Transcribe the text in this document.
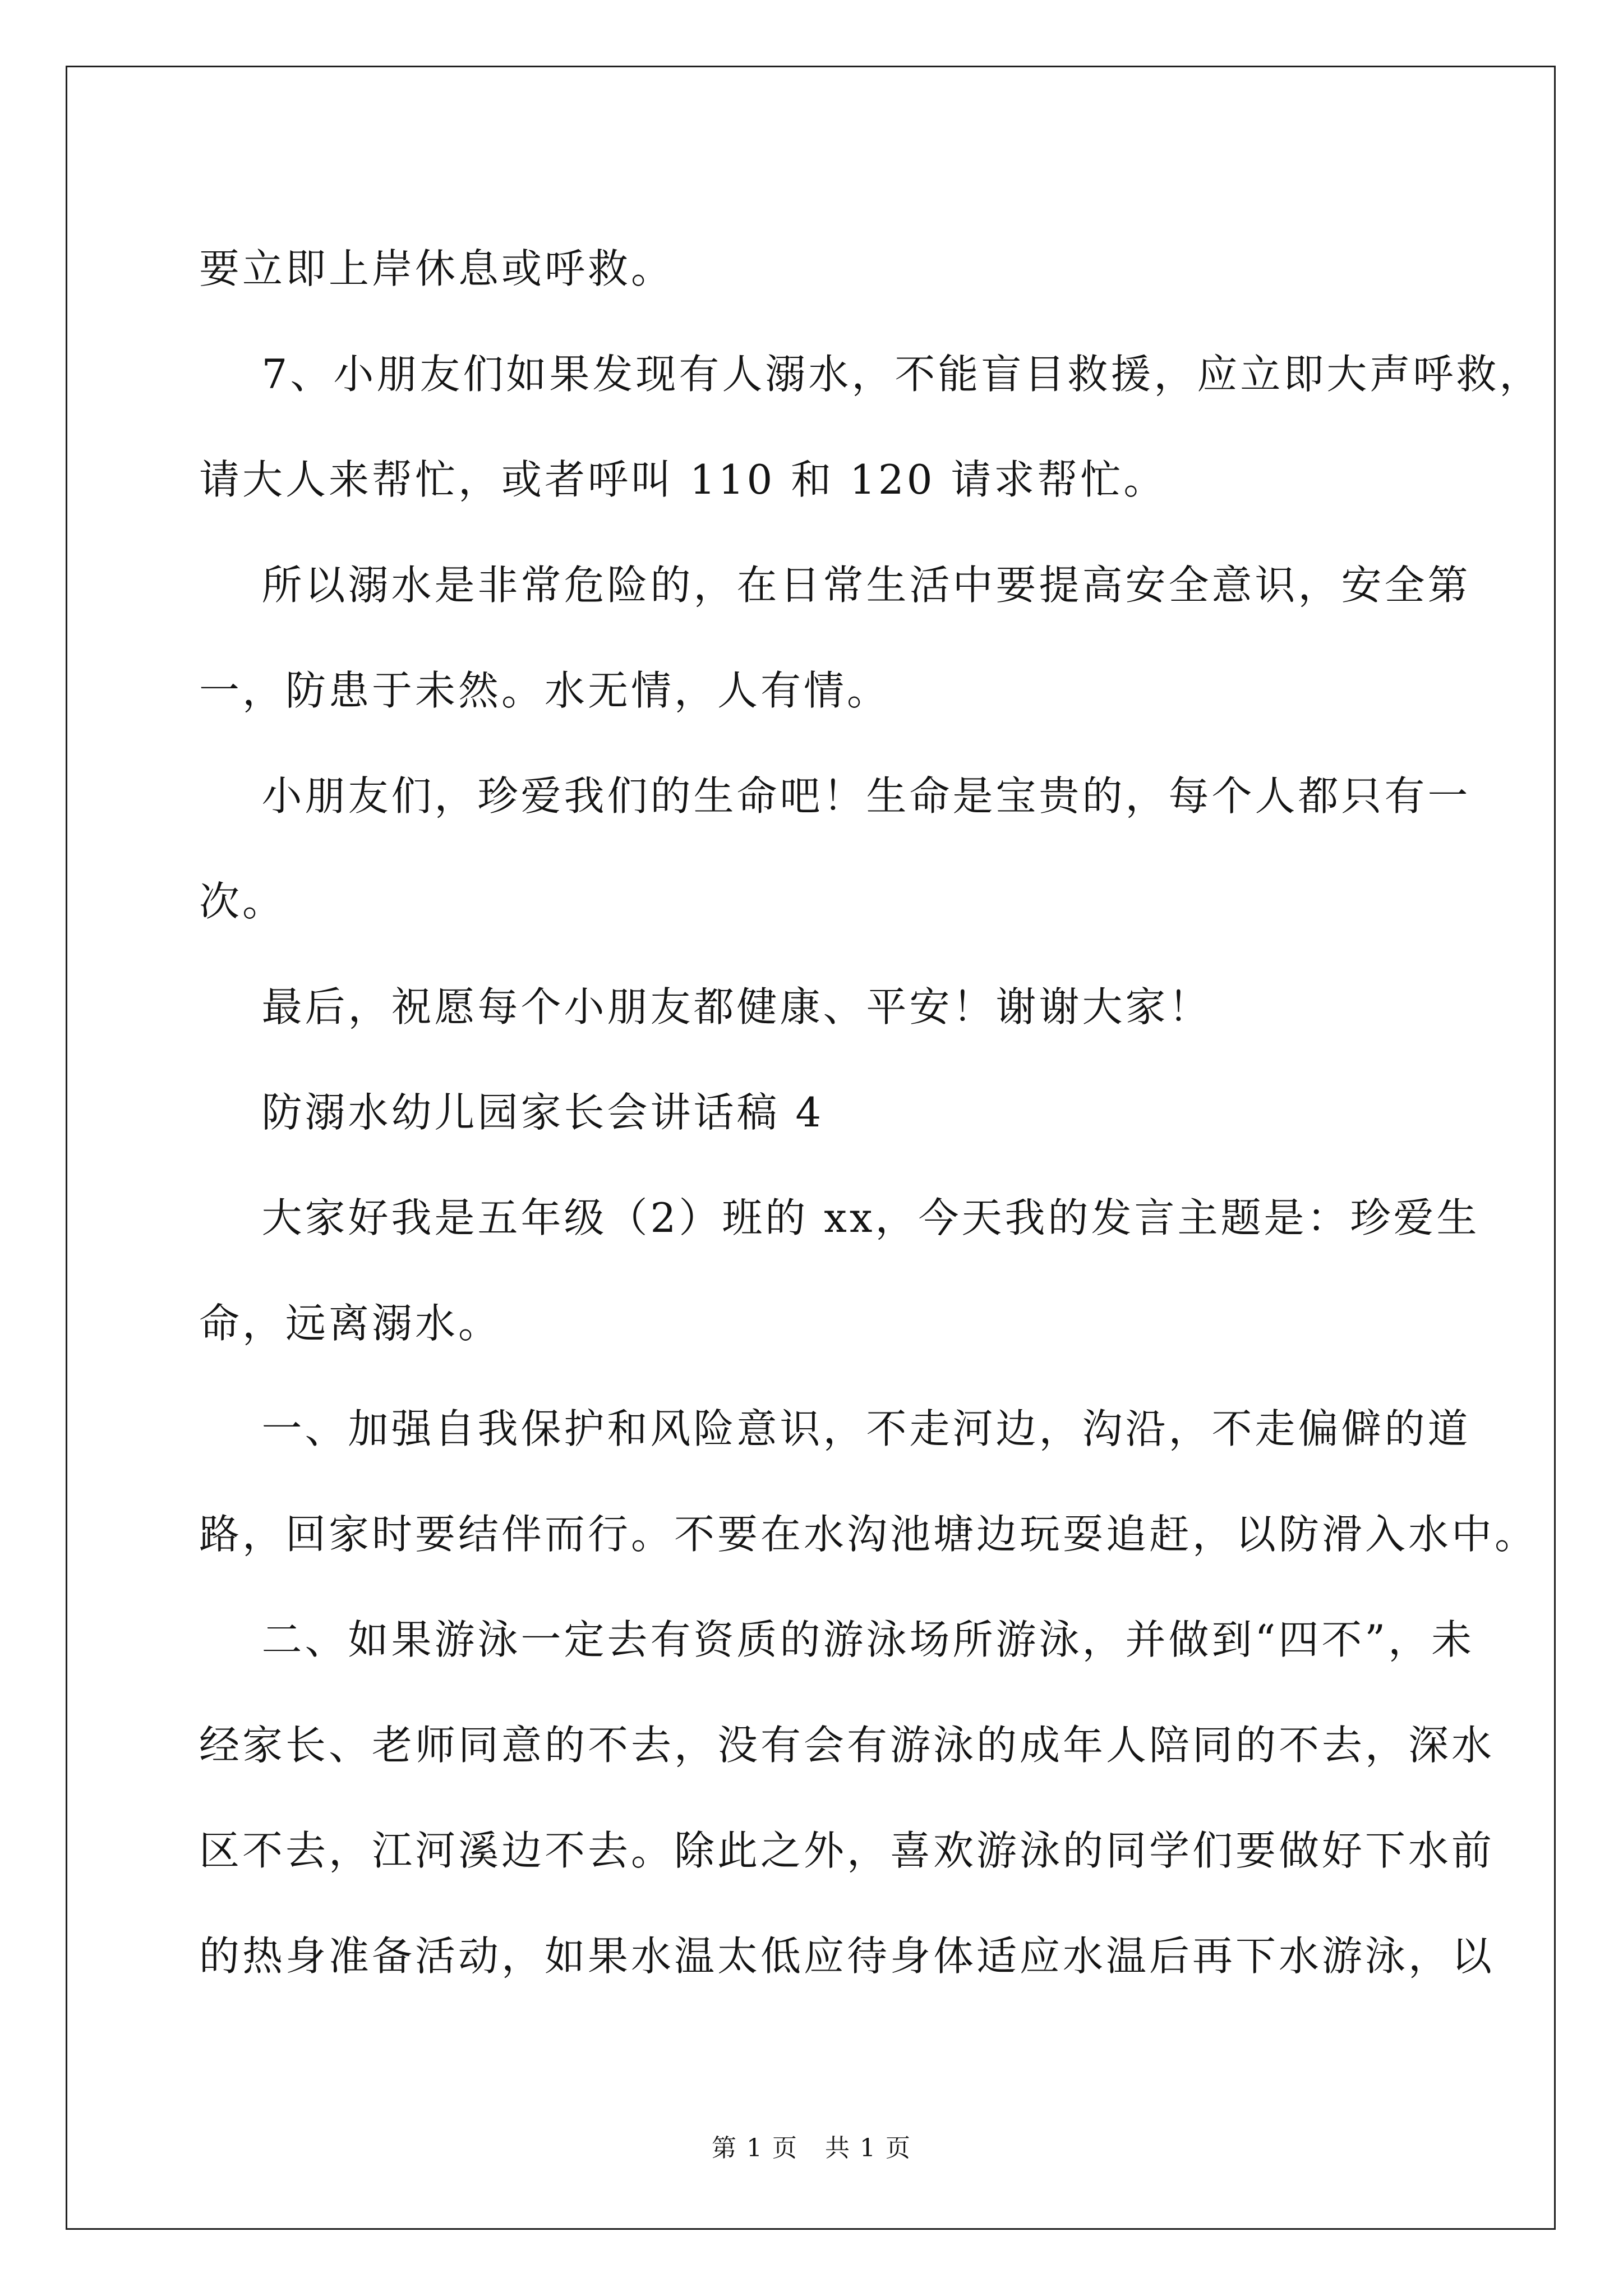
要立即上岸休息或呼救。
7、小朋友们如果发现有人溺水，不能盲目救援，应立即大声呼救，
请大人来帮忙，或者呼叫 110 和 120 请求帮忙。
所以溺水是非常危险的，在日常生活中要提高安全意识，安全第
一，防患于未然。水无情，人有情。
小朋友们，珍爱我们的生命吧！生命是宝贵的，每个人都只有一
次。
最后，祝愿每个小朋友都健康、平安！谢谢大家！
防溺水幼儿园家长会讲话稿 4
大家好我是五年级（2）班的 xx，今天我的发言主题是：珍爱生
命，远离溺水。
一、加强自我保护和风险意识，不走河边，沟沿，不走偏僻的道
路，回家时要结伴而行。不要在水沟池塘边玩耍追赶，以防滑入水中。
二、如果游泳一定去有资质的游泳场所游泳，并做到“四不”，未
经家长、老师同意的不去，没有会有游泳的成年人陪同的不去，深水
区不去，江河溪边不去。除此之外，喜欢游泳的同学们要做好下水前
的热身准备活动，如果水温太低应待身体适应水温后再下水游泳，以
第 1 页   共 1 页
